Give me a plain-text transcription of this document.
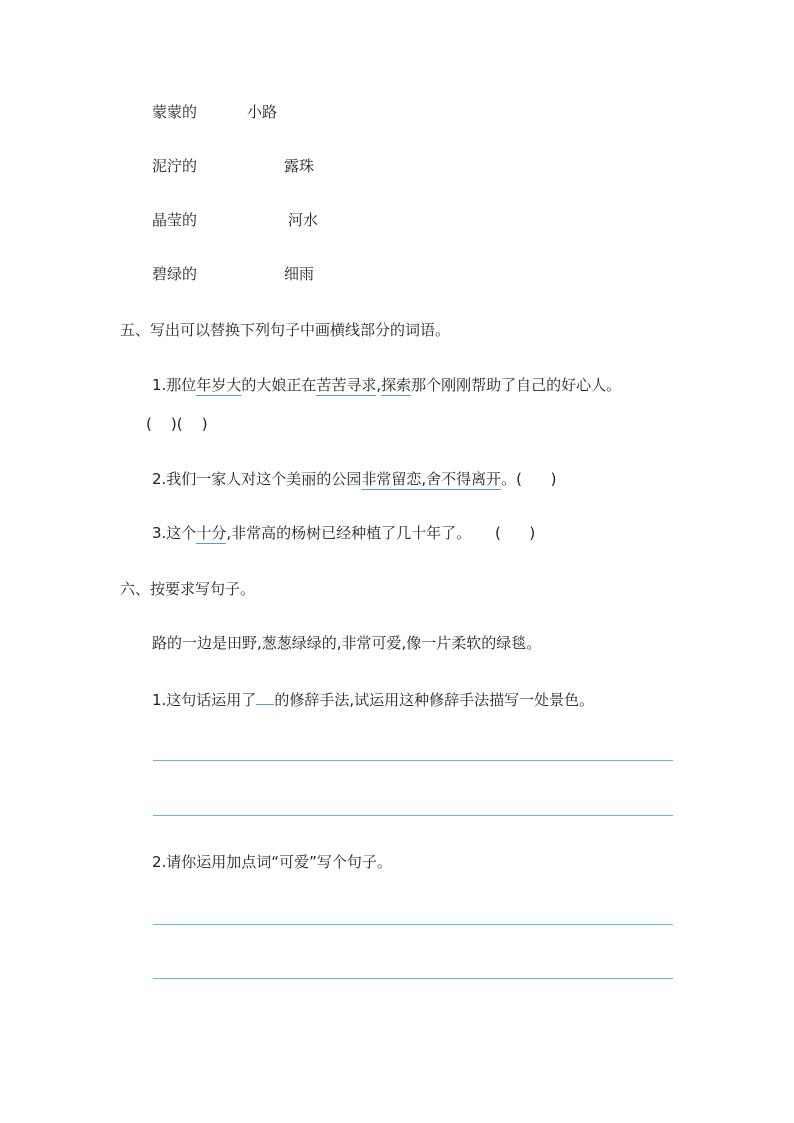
蒙蒙的	小路
泥泞的	露珠
晶莹的	河水
碧绿的	细雨
五、写出可以替换下列句子中画横线部分的词语。
1.那位年岁大的大娘正在苦苦寻求,探索那个刚刚帮助了自己的好心人。
(    )(    )
2.我们一家人对这个美丽的公园非常留恋,舍不得离开。(      )
3.这个十分,非常高的杨树已经种植了几十年了。     (      )
六、按要求写句子。
路的一边是田野,葱葱绿绿的,非常可爱,像一片柔软的绿毯。
1.这句话运用了 的修辞手法,试运用这种修辞手法描写一处景色。
2.请你运用加点词“可爱”写个句子。
